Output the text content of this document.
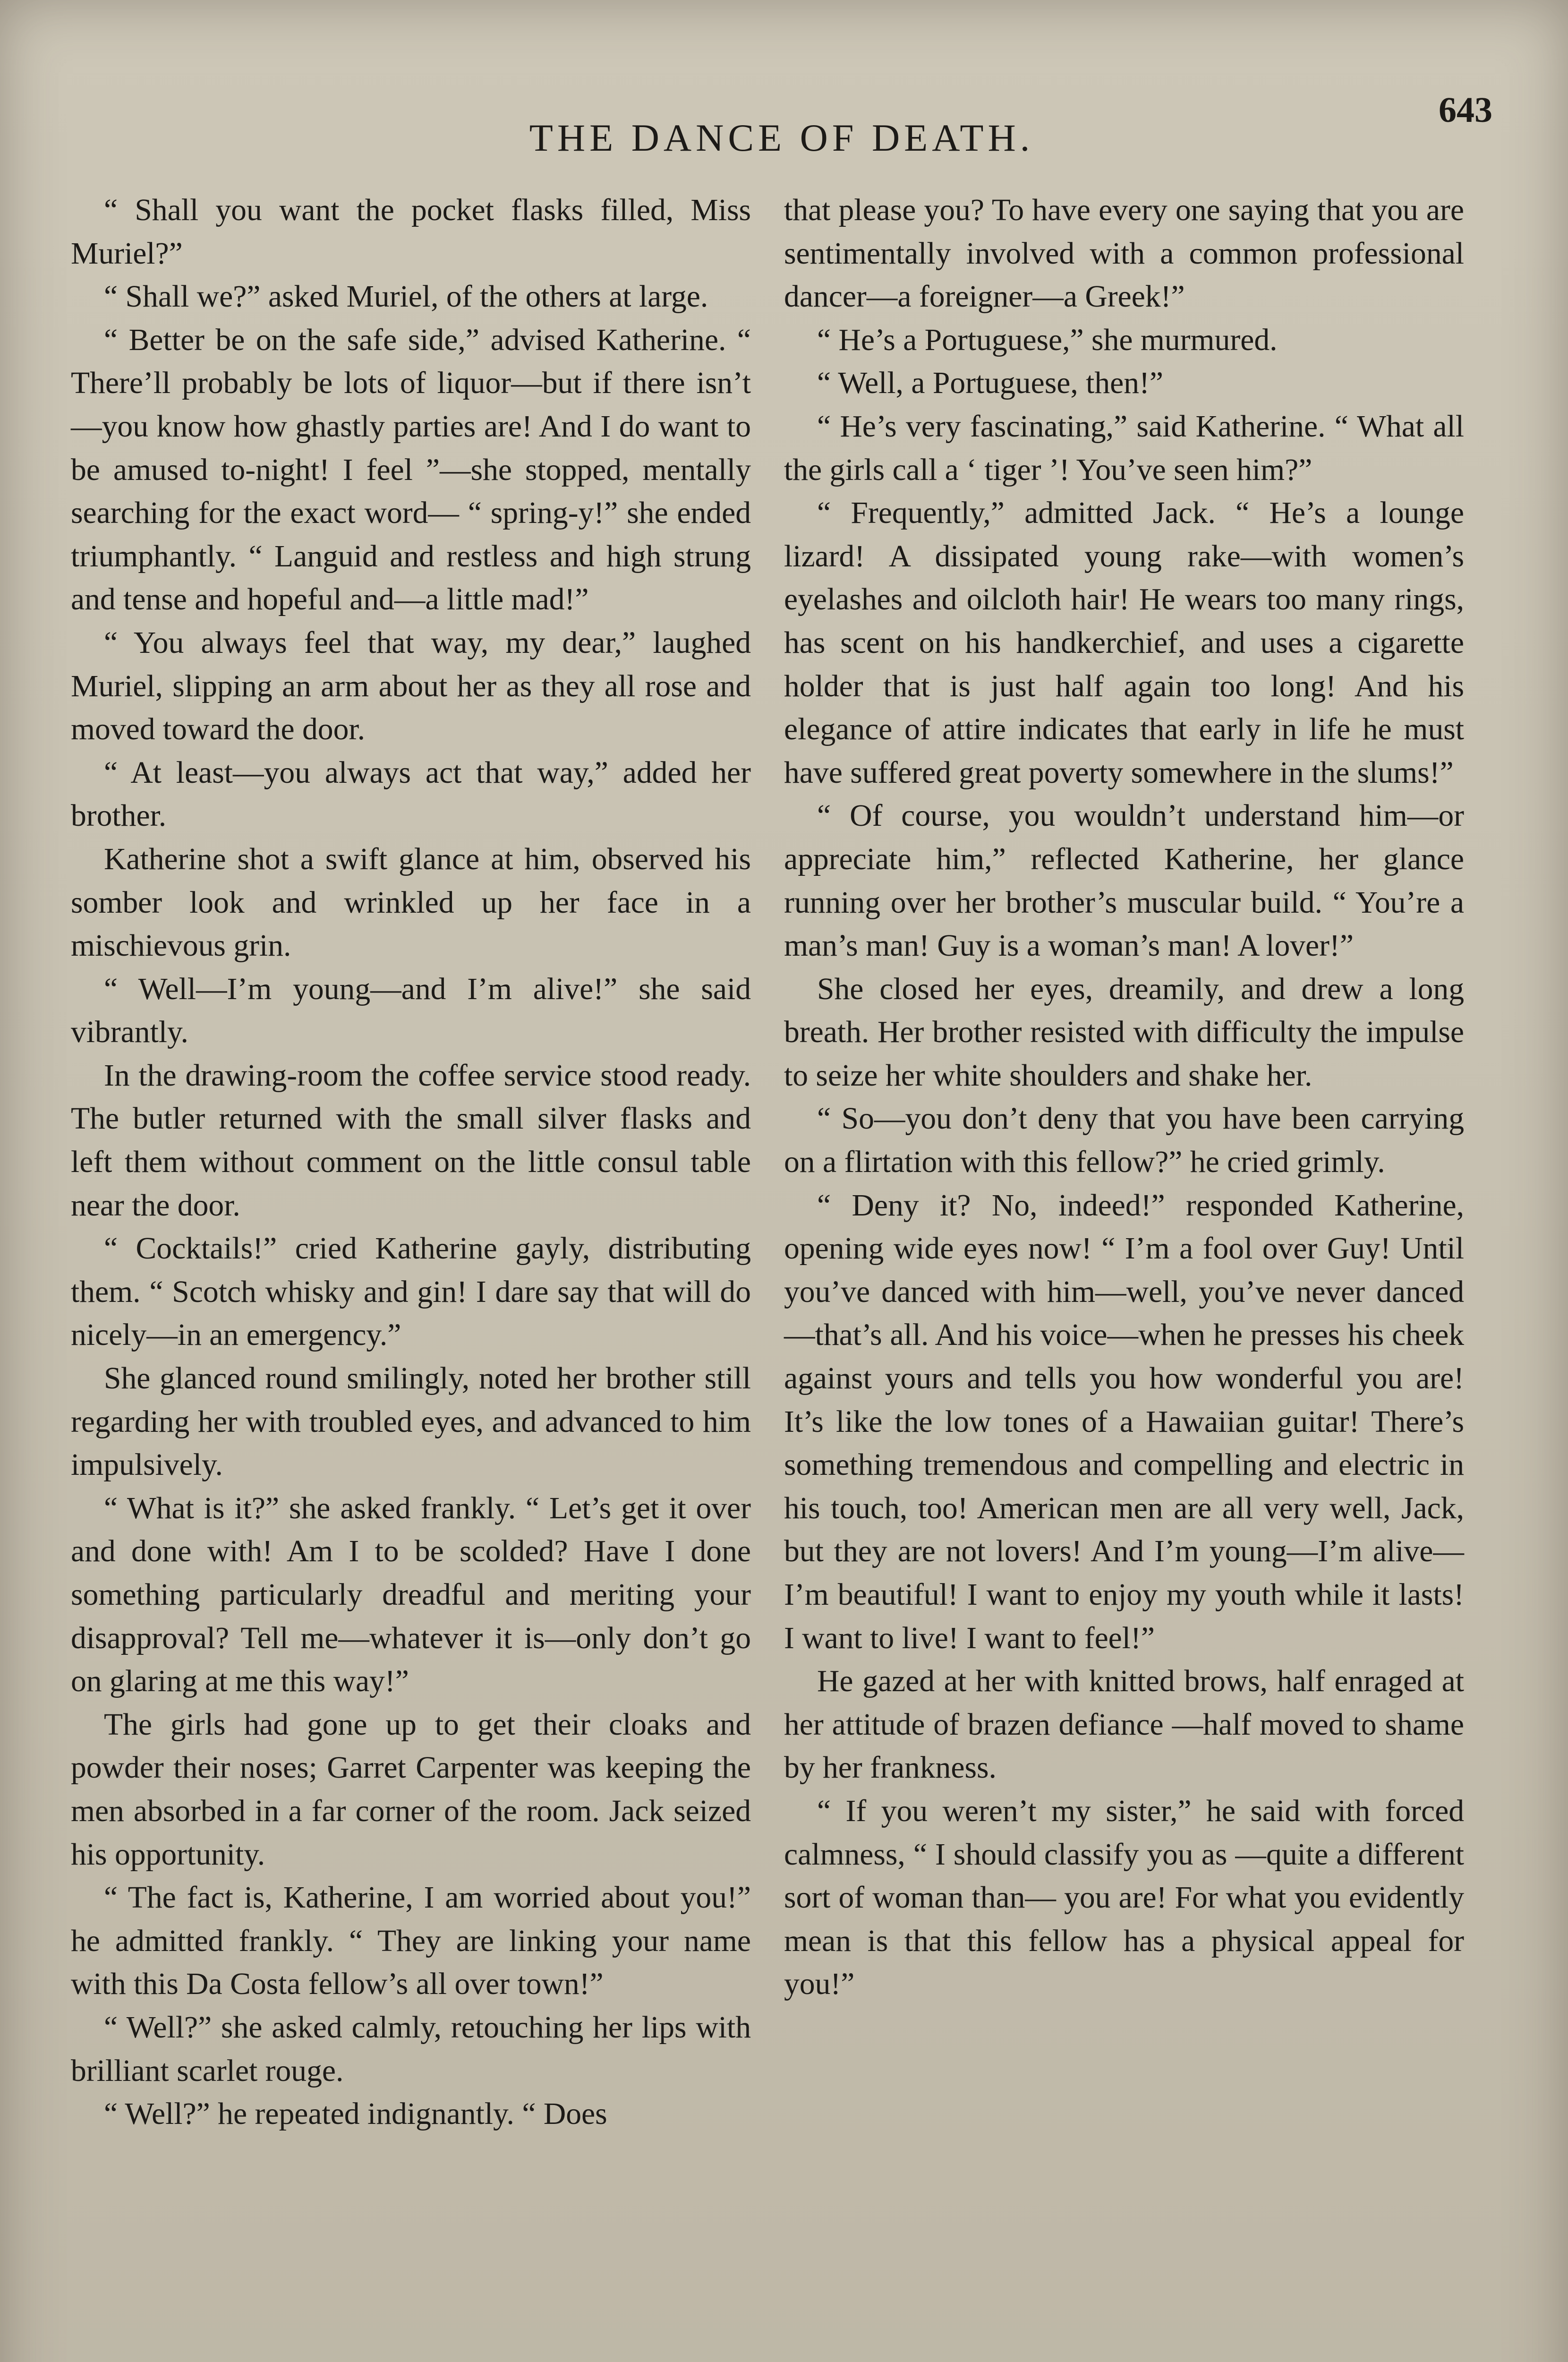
THE DANCE OF DEATH.
643

“ Shall you want the pocket flasks filled, Miss Muriel?”

“ Shall we?” asked Muriel, of the others at large.

“ Better be on the safe side,” advised Katherine. “ There’ll probably be lots of liquor—but if there isn’t—you know how ghastly parties are! And I do want to be amused to-night! I feel ”—she stopped, mentally searching for the exact word— “ spring-y!” she ended triumphantly. “ Languid and restless and high strung and tense and hopeful and—a little mad!”

“ You always feel that way, my dear,” laughed Muriel, slipping an arm about her as they all rose and moved toward the door.

“ At least—you always act that way,” added her brother.

Katherine shot a swift glance at him, observed his somber look and wrinkled up her face in a mischievous grin.

“ Well—I’m young—and I’m alive!” she said vibrantly.

In the drawing-room the coffee service stood ready. The butler returned with the small silver flasks and left them without comment on the little consul table near the door.

“ Cocktails!” cried Katherine gayly, distributing them. “ Scotch whisky and gin! I dare say that will do nicely—in an emergency.”

She glanced round smilingly, noted her brother still regarding her with troubled eyes, and advanced to him impulsively.

“ What is it?” she asked frankly. “ Let’s get it over and done with! Am I to be scolded? Have I done something particularly dreadful and meriting your disapproval? Tell me—whatever it is—only don’t go on glaring at me this way!”

The girls had gone up to get their cloaks and powder their noses; Garret Carpenter was keeping the men absorbed in a far corner of the room. Jack seized his opportunity.

“ The fact is, Katherine, I am worried about you!” he admitted frankly. “ They are linking your name with this Da Costa fellow’s all over town!”

“ Well?” she asked calmly, retouching her lips with brilliant scarlet rouge.

“ Well?” he repeated indignantly. “ Does

that please you? To have every one saying that you are sentimentally involved with a common professional dancer—a foreigner—a Greek!”

“ He’s a Portuguese,” she murmured.

“ Well, a Portuguese, then!”

“ He’s very fascinating,” said Katherine. “ What all the girls call a ‘ tiger ’! You’ve seen him?”

“ Frequently,” admitted Jack. “ He’s a lounge lizard! A dissipated young rake—with women’s eyelashes and oilcloth hair! He wears too many rings, has scent on his handkerchief, and uses a cigarette holder that is just half again too long! And his elegance of attire indicates that early in life he must have suffered great poverty somewhere in the slums!”

“ Of course, you wouldn’t understand him—or appreciate him,” reflected Katherine, her glance running over her brother’s muscular build. “ You’re a man’s man! Guy is a woman’s man! A lover!”

She closed her eyes, dreamily, and drew a long breath. Her brother resisted with difficulty the impulse to seize her white shoulders and shake her.

“ So—you don’t deny that you have been carrying on a flirtation with this fellow?” he cried grimly.

“ Deny it? No, indeed!” responded Katherine, opening wide eyes now! “ I’m a fool over Guy! Until you’ve danced with him—well, you’ve never danced—that’s all. And his voice—when he presses his cheek against yours and tells you how wonderful you are! It’s like the low tones of a Hawaiian guitar! There’s something tremendous and compelling and electric in his touch, too! American men are all very well, Jack, but they are not lovers! And I’m young—I’m alive—I’m beautiful! I want to enjoy my youth while it lasts! I want to live! I want to feel!”

He gazed at her with knitted brows, half enraged at her attitude of brazen defiance —half moved to shame by her frankness.

“ If you weren’t my sister,” he said with forced calmness, “ I should classify you as —quite a different sort of woman than— you are! For what you evidently mean is that this fellow has a physical appeal for you!”
